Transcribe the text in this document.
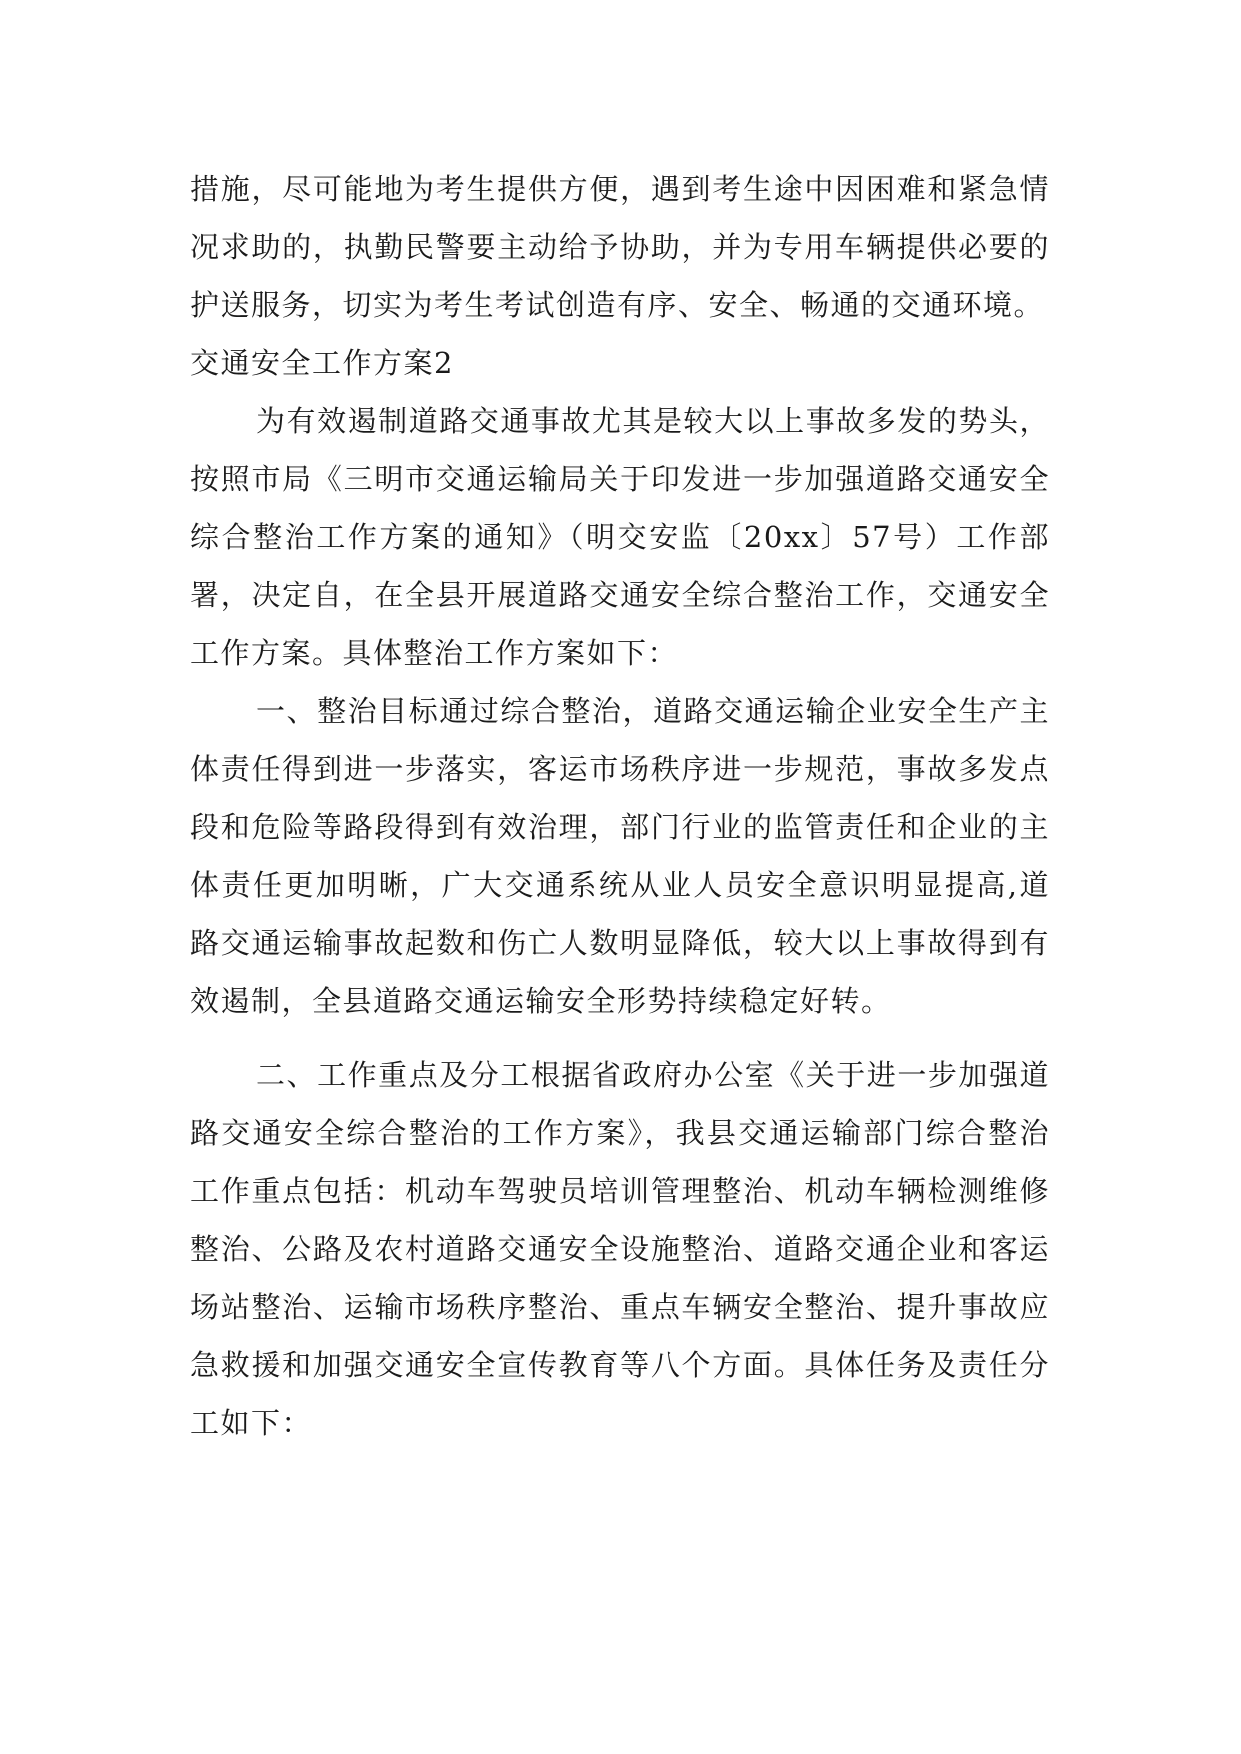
措施，尽可能地为考生提供方便，遇到考生途中因困难和紧急情况求助的，执勤民警要主动给予协助，并为专用车辆提供必要的护送服务，切实为考生考试创造有序、安全、畅通的交通环境。

交通安全工作方案2

为有效遏制道路交通事故尤其是较大以上事故多发的势头，按照市局《三明市交通运输局关于印发进一步加强道路交通安全综合整治工作方案的通知》（明交安监〔20xx〕57号）工作部署，决定自，在全县开展道路交通安全综合整治工作，交通安全工作方案。具体整治工作方案如下：

一、整治目标通过综合整治，道路交通运输企业安全生产主体责任得到进一步落实，客运市场秩序进一步规范，事故多发点段和危险等路段得到有效治理，部门行业的监管责任和企业的主体责任更加明晰，广大交通系统从业人员安全意识明显提高,道路交通运输事故起数和伤亡人数明显降低，较大以上事故得到有效遏制，全县道路交通运输安全形势持续稳定好转。

二、工作重点及分工根据省政府办公室《关于进一步加强道路交通安全综合整治的工作方案》，我县交通运输部门综合整治工作重点包括：机动车驾驶员培训管理整治、机动车辆检测维修整治、公路及农村道路交通安全设施整治、道路交通企业和客运场站整治、运输市场秩序整治、重点车辆安全整治、提升事故应急救援和加强交通安全宣传教育等八个方面。具体任务及责任分工如下：
